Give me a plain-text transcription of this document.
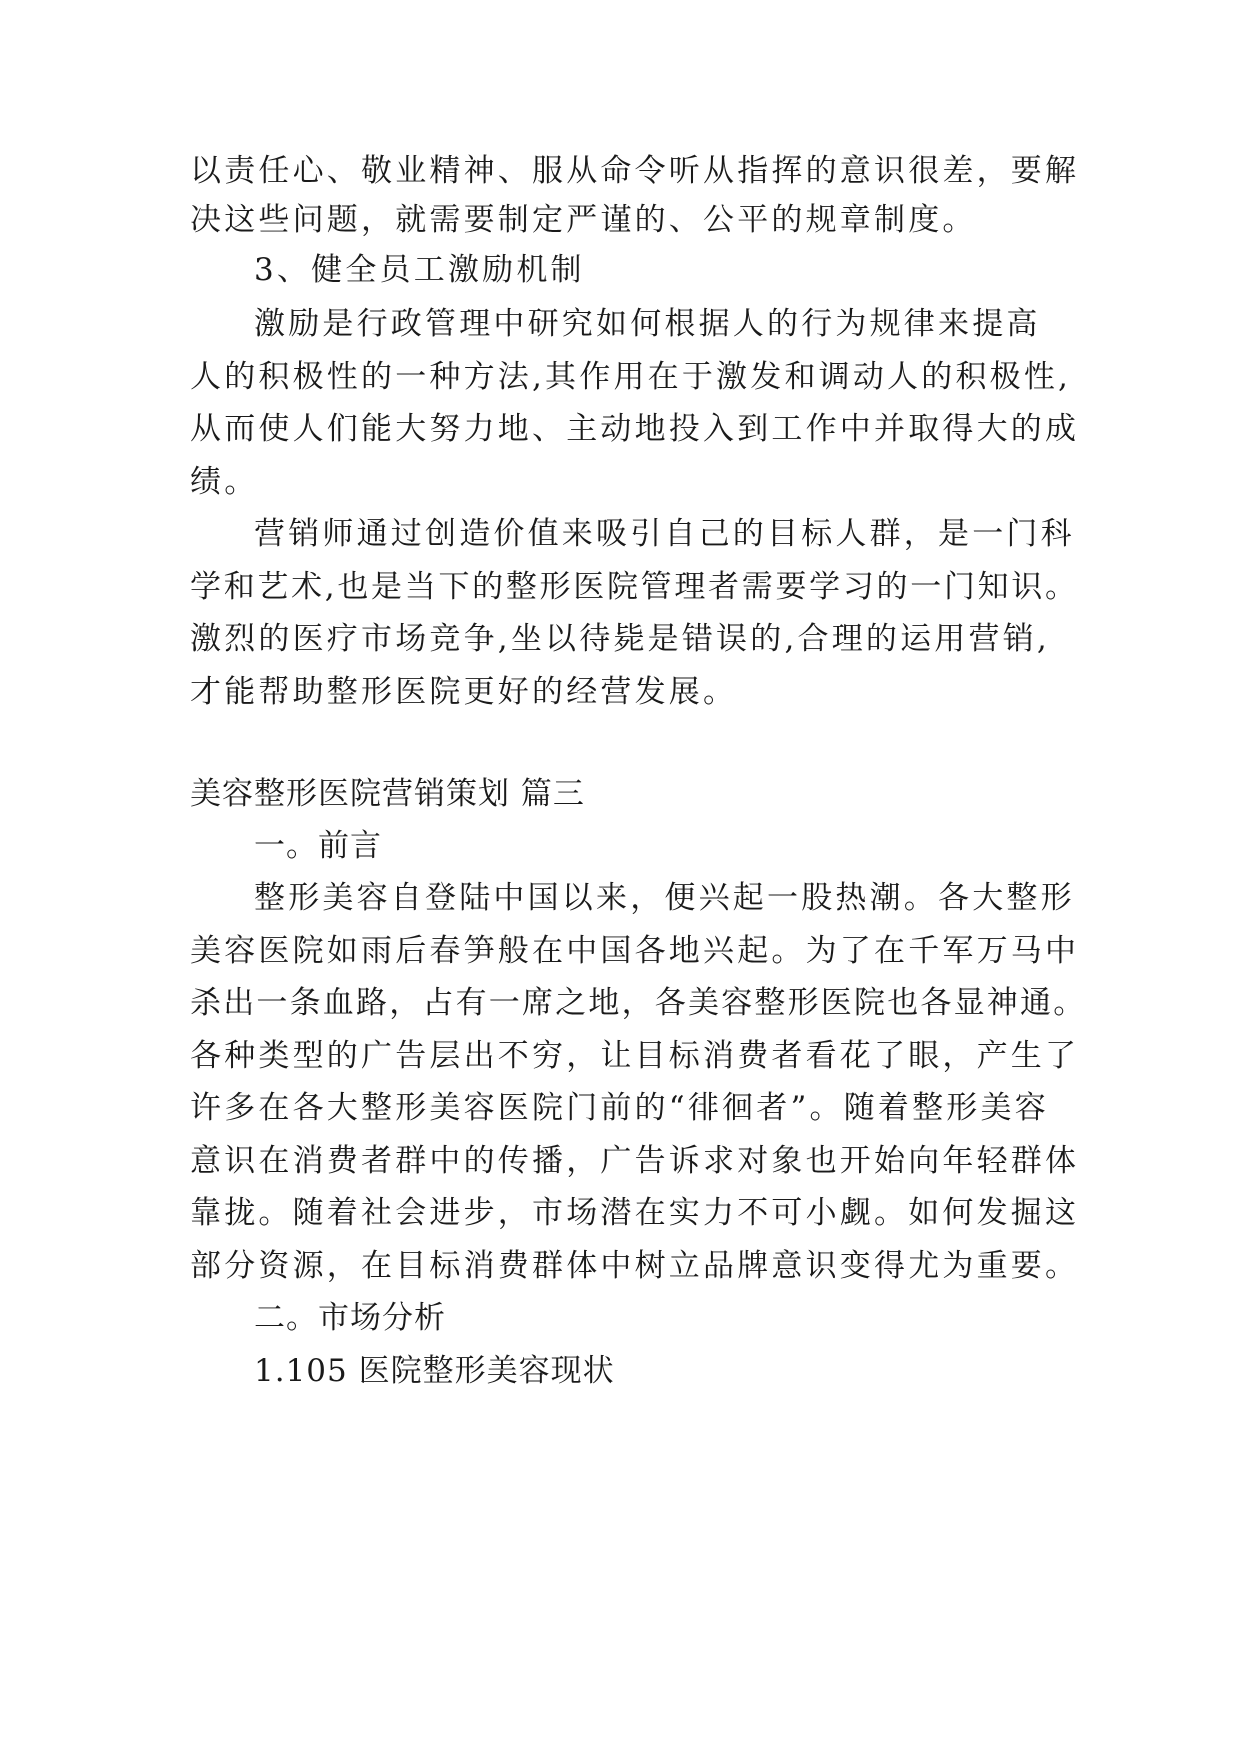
以责任心、敬业精神、服从命令听从指挥的意识很差，要解
决这些问题，就需要制定严谨的、公平的规章制度。
3、健全员工激励机制
激励是行政管理中研究如何根据人的行为规律来提高
人的积极性的一种方法,其作用在于激发和调动人的积极性,
从而使人们能大努力地、主动地投入到工作中并取得大的成
绩。
营销师通过创造价值来吸引自己的目标人群，是一门科
学和艺术,也是当下的整形医院管理者需要学习的一门知识。
激烈的医疗市场竞争,坐以待毙是错误的,合理的运用营销,
才能帮助整形医院更好的经营发展。
美容整形医院营销策划 篇三
一。前言
整形美容自登陆中国以来，便兴起一股热潮。各大整形
美容医院如雨后春笋般在中国各地兴起。为了在千军万马中
杀出一条血路，占有一席之地，各美容整形医院也各显神通。
各种类型的广告层出不穷，让目标消费者看花了眼，产生了
许多在各大整形美容医院门前的“徘徊者”。随着整形美容
意识在消费者群中的传播，广告诉求对象也开始向年轻群体
靠拢。随着社会进步，市场潜在实力不可小觑。如何发掘这
部分资源，在目标消费群体中树立品牌意识变得尤为重要。
二。市场分析
1.105 医院整形美容现状
